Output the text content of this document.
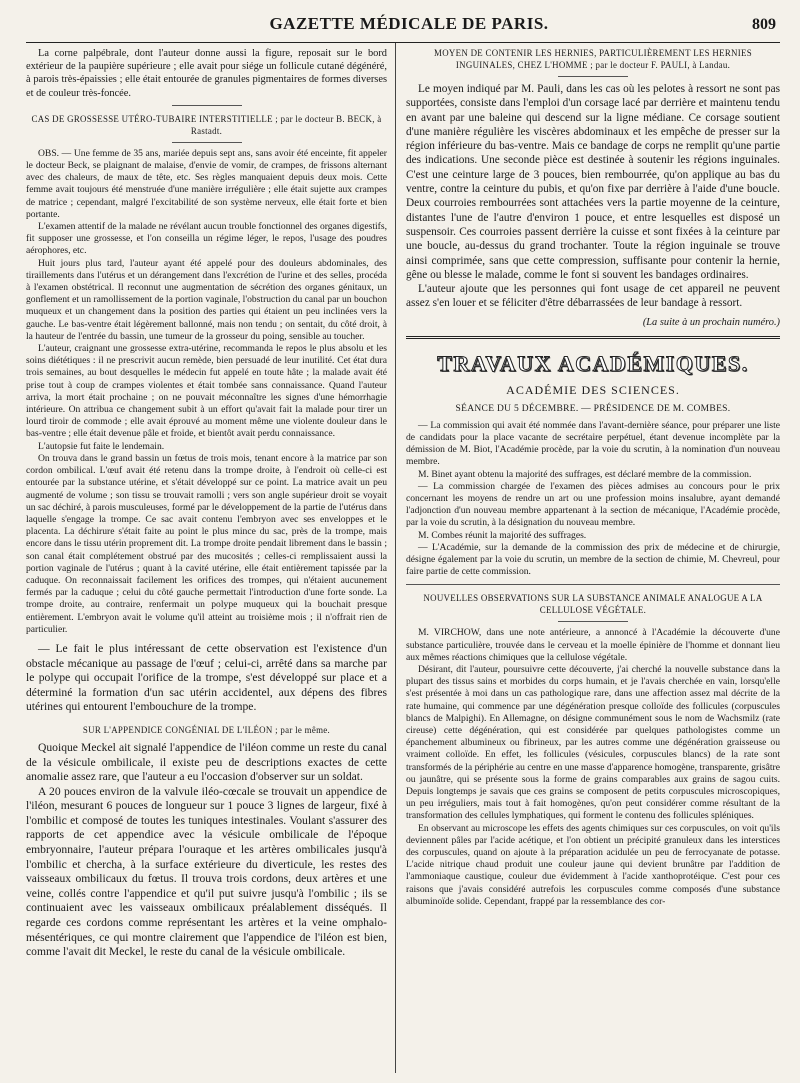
GAZETTE MÉDICALE DE PARIS.	809

La corne palpébrale, dont l'auteur donne aussi la figure, reposait sur le bord extérieur de la paupière supérieure ; elle avait pour siége un follicule cutané dégénéré, à parois très-épaissies ; elle était entourée de granules pigmentaires de formes diverses et de couleur très-foncée.

CAS DE GROSSESSE UTÉRO-TUBAIRE INTERSTITIELLE ; par le docteur B. BECK, à Rastadt.

OBS. — Une femme de 35 ans, mariée depuis sept ans, sans avoir été enceinte, fit appeler le docteur Beck, se plaignant de malaise, d'envie de vomir, de crampes, de frissons alternant avec des chaleurs, de maux de tête, etc. Ses règles manquaient depuis deux mois. Cette femme avait toujours été menstruée d'une manière irrégulière ; elle était sujette aux crampes de matrice ; cependant, malgré l'excitabilité de son système nerveux, elle était forte et bien portante.

L'examen attentif de la malade ne révélant aucun trouble fonctionnel des organes digestifs, fit supposer une grossesse, et l'on conseilla un régime léger, le repos, l'usage des poudres aérophores, etc.

Huit jours plus tard, l'auteur ayant été appelé pour des douleurs abdominales, des tiraillements dans l'utérus et un dérangement dans l'excrétion de l'urine et des selles, procéda à l'examen obstétrical. Il reconnut une augmentation de sécrétion des organes génitaux, un gonflement et un ramollissement de la portion vaginale, l'obstruction du canal par un bouchon muqueux et un changement dans la position des parties qui étaient un peu inclinées vers la gauche. Le bas-ventre était légèrement ballonné, mais non tendu ; on sentait, du côté droit, à la hauteur de l'entrée du bassin, une tumeur de la grosseur du poing, sensible au toucher.

L'auteur, craignant une grossesse extra-utérine, recommanda le repos le plus absolu et les soins diététiques : il ne prescrivit aucun remède, bien persuadé de leur inutilité. Cet état dura trois semaines, au bout desquelles le médecin fut appelé en toute hâte ; la malade avait été prise tout à coup de crampes violentes et était tombée sans connaissance. Quand l'auteur arriva, la mort était prochaine ; on ne pouvait méconnaître les signes d'une hémorrhagie intérieure. On attribua ce changement subit à un effort qu'avait fait la malade pour tirer un lourd tiroir de commode ; elle avait éprouvé au moment même une violente douleur dans le bas-ventre ; elle était devenue pâle et froide, et bientôt avait perdu connaissance.

L'autopsie fut faite le lendemain.

On trouva dans le grand bassin un fœtus de trois mois, tenant encore à la matrice par son cordon ombilical. L'œuf avait été retenu dans la trompe droite, à l'endroit où celle-ci est entourée par la substance utérine, et s'était développé sur ce point. La matrice avait un peu augmenté de volume ; son tissu se trouvait ramolli ; vers son angle supérieur droit se voyait un sac déchiré, à parois musculeuses, formé par le développement de la partie de l'utérus dans laquelle s'engage la trompe. Ce sac avait contenu l'embryon avec ses enveloppes et le placenta. La déchirure s'était faite au point le plus mince du sac, près de la trompe, mais encore dans le tissu utérin proprement dit. La trompe droite pendait librement dans le bassin ; son canal était complétement obstrué par des mucosités ; celles-ci remplissaient aussi la portion vaginale de l'utérus ; quant à la cavité utérine, elle était entièrement tapissée par la caduque. On reconnaissait facilement les orifices des trompes, qui n'étaient aucunement fermés par la caduque ; celui du côté gauche permettait l'introduction d'une forte sonde. La trompe droite, au contraire, renfermait un polype muqueux qui la bouchait presque entièrement. L'embryon avait le volume qu'il atteint au troisième mois ; il n'offrait rien de particulier.

— Le fait le plus intéressant de cette observation est l'existence d'un obstacle mécanique au passage de l'œuf ; celui-ci, arrêté dans sa marche par le polype qui occupait l'orifice de la trompe, s'est développé sur place et a déterminé la formation d'un sac utérin accidentel, aux dépens des fibres utérines qui entourent l'embouchure de la trompe.

SUR L'APPENDICE CONGÉNIAL DE L'ILÉON ; par le même.

Quoique Meckel ait signalé l'appendice de l'iléon comme un reste du canal de la vésicule ombilicale, il existe peu de descriptions exactes de cette anomalie assez rare, que l'auteur a eu l'occasion d'observer sur un soldat.

A 20 pouces environ de la valvule iléo-cœcale se trouvait un appendice de l'iléon, mesurant 6 pouces de longueur sur 1 pouce 3 lignes de largeur, fixé à l'ombilic et composé de toutes les tuniques intestinales. Voulant s'assurer des rapports de cet appendice avec la vésicule ombilicale de l'époque embryonnaire, l'auteur prépara l'ouraque et les artères ombilicales jusqu'à l'ombilic et chercha, à la surface extérieure du diverticule, les restes des vaisseaux ombilicaux du fœtus. Il trouva trois cordons, deux artères et une veine, collés contre l'appendice et qu'il put suivre jusqu'à l'ombilic ; ils se continuaient avec les vaisseaux ombilicaux préalablement disséqués. Il regarde ces cordons comme représentant les artères et la veine omphalo-mésentériques, ce qui montre clairement que l'appendice de l'iléon est bien, comme l'avait dit Meckel, le reste du canal de la vésicule ombilicale.

MOYEN DE CONTENIR LES HERNIES, PARTICULIÈREMENT LES HERNIES INGUINALES, CHEZ L'HOMME ; par le docteur F. PAULI, à Landau.

Le moyen indiqué par M. Pauli, dans les cas où les pelotes à ressort ne sont pas supportées, consiste dans l'emploi d'un corsage lacé par derrière et maintenu tendu en avant par une baleine qui descend sur la ligne médiane. Ce corsage soutient d'une manière régulière les viscères abdominaux et les empêche de presser sur la région inférieure du bas-ventre. Mais ce bandage de corps ne remplit qu'une partie des indications. Une seconde pièce est destinée à soutenir les régions inguinales. C'est une ceinture large de 3 pouces, bien rembourrée, qu'on applique au bas du ventre, contre la ceinture du pubis, et qu'on fixe par derrière à l'aide d'une boucle. Deux courroies rembourrées sont attachées vers la partie moyenne de la ceinture, distantes l'une de l'autre d'environ 1 pouce, et entre lesquelles est disposé un suspensoir. Ces courroies passent derrière la cuisse et sont fixées à la ceinture par une boucle, au-dessus du grand trochanter. Toute la région inguinale se trouve ainsi comprimée, sans que cette compression, suffisante pour contenir la hernie, gêne ou blesse le malade, comme le font si souvent les bandages ordinaires.

L'auteur ajoute que les personnes qui font usage de cet appareil ne peuvent assez s'en louer et se féliciter d'être débarrassées de leur bandage à ressort.

(La suite à un prochain numéro.)
TRAVAUX ACADÉMIQUES.
ACADÉMIE DES SCIENCES.
SÉANCE DU 5 DÉCEMBRE. — PRÉSIDENCE DE M. COMBES.

— La commission qui avait été nommée dans l'avant-dernière séance, pour préparer une liste de candidats pour la place vacante de secrétaire perpétuel, étant devenue incomplète par la démission de M. Biot, l'Académie procède, par la voie du scrutin, à la nomination d'un nouveau membre.

M. Binet ayant obtenu la majorité des suffrages, est déclaré membre de la commission.

— La commission chargée de l'examen des pièces admises au concours pour le prix concernant les moyens de rendre un art ou une profession moins insalubre, ayant demandé l'adjonction d'un nouveau membre appartenant à la section de mécanique, l'Académie procède, par la voie du scrutin, à la désignation du nouveau membre.

M. Combes réunit la majorité des suffrages.

— L'Académie, sur la demande de la commission des prix de médecine et de chirurgie, désigne également par la voie du scrutin, un membre de la section de chimie, M. Chevreul, pour faire partie de cette commission.

NOUVELLES OBSERVATIONS SUR LA SUBSTANCE ANIMALE ANALOGUE A LA CELLULOSE VÉGÉTALE.

M. VIRCHOW, dans une note antérieure, a annoncé à l'Académie la découverte d'une substance particulière, trouvée dans le cerveau et la moelle épinière de l'homme et donnant lieu aux mêmes réactions chimiques que la cellulose végétale.

Désirant, dit l'auteur, poursuivre cette découverte, j'ai cherché la nouvelle substance dans la plupart des tissus sains et morbides du corps humain, et je l'avais cherchée en vain, lorsqu'elle s'est présentée à moi dans un cas pathologique rare, dans une affection assez mal décrite de la rate humaine, qui commence par une dégénération presque colloïde des follicules (corpuscules blancs de Malpighi). En Allemagne, on désigne communément sous le nom de Wachsmilz (rate cireuse) cette dégénération, qui est considérée par quelques pathologistes comme un épanchement albumineux ou fibrineux, par les autres comme une dégénération graisseuse ou vraiment colloïde. En effet, les follicules (vésicules, corpuscules blancs) de la rate sont transformés de la périphérie au centre en une masse d'apparence homogène, transparente, grisâtre ou jaunâtre, qui se présente sous la forme de grains comparables aux grains de sagou cuits. Depuis longtemps je savais que ces grains se composent de petits corpuscules microscopiques, un peu irréguliers, mais tout à fait homogènes, qu'on peut considérer comme résultant de la transformation des cellules lymphatiques, qui forment le contenu des follicules spléniques.

En observant au microscope les effets des agents chimiques sur ces corpuscules, on voit qu'ils deviennent pâles par l'acide acétique, et l'on obtient un précipité granuleux dans les interstices des corpuscules, quand on ajoute à la préparation acidulée un peu de ferrocyanate de potasse. L'acide nitrique chaud produit une couleur jaune qui devient brunâtre par l'addition de l'ammoniaque caustique, couleur due évidemment à l'acide xanthoprotéique. C'est pour ces raisons que j'avais considéré autrefois les corpuscules comme composés d'une substance albuminoïde solide. Cependant, frappé par la ressemblance des cor-
